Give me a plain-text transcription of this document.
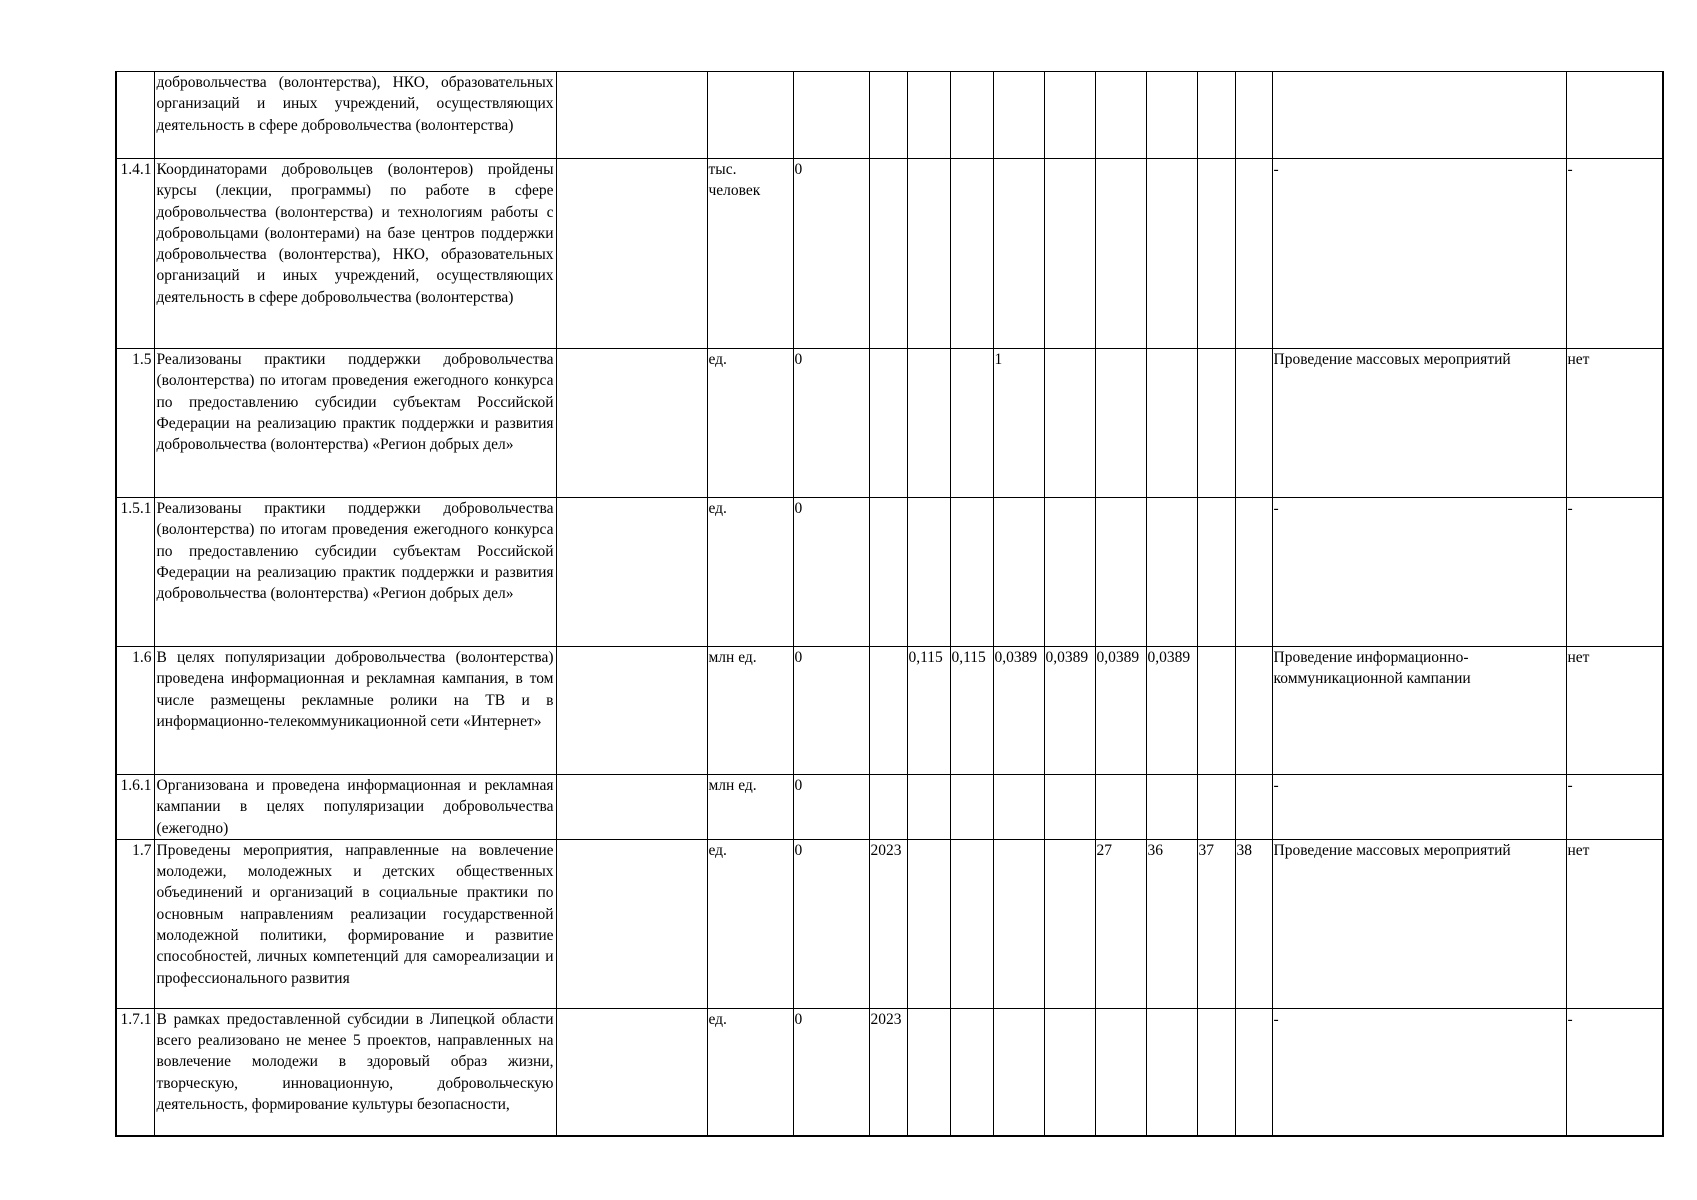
	добровольчества (волонтерства), НКО, образовательных организаций и иных учреждений, осуществляющих деятельность в сфере добровольчества (волонтерства)														
1.4.1	Координаторами добровольцев (волонтеров) пройдены курсы (лекции, программы) по работе в сфере добровольчества (волонтерства) и технологиям работы с добровольцами (волонтерами) на базе центров поддержки добровольчества (волонтерства), НКО, образовательных организаций и иных учреждений, осуществляющих деятельность в сфере добровольчества (волонтерства)		тыс. человек	0										-	-
1.5	Реализованы практики поддержки добровольчества (волонтерства) по итогам проведения ежегодного конкурса по предоставлению субсидии субъектам Российской Федерации на реализацию практик поддержки и развития добровольчества (волонтерства) «Регион добрых дел»		ед.	0				1						Проведение массовых мероприятий	нет
1.5.1	Реализованы практики поддержки добровольчества (волонтерства) по итогам проведения ежегодного конкурса по предоставлению субсидии субъектам Российской Федерации на реализацию практик поддержки и развития добровольчества (волонтерства) «Регион добрых дел»		ед.	0										-	-
1.6	В целях популяризации добровольчества (волонтерства) проведена информационная и рекламная кампания, в том числе размещены рекламные ролики на ТВ и в информационно-телекоммуникационной сети «Интернет»		млн ед.	0		0,115	0,115	0,0389	0,0389	0,0389	0,0389			Проведение информационно-коммуникационной кампании	нет
1.6.1	Организована и проведена информационная и рекламная кампании в целях популяризации добровольчества (ежегодно)		млн ед.	0										-	-
1.7	Проведены мероприятия, направленные на вовлечение молодежи, молодежных и детских общественных объединений и организаций в социальные практики по основным направлениям реализации государственной молодежной политики, формирование и развитие способностей, личных компетенций для самореализации и профессионального развития		ед.	0	2023					27	36	37	38	Проведение массовых мероприятий	нет
1.7.1	В рамках предоставленной субсидии в Липецкой области всего реализовано не менее 5 проектов, направленных на вовлечение молодежи в здоровый образ жизни, творческую, инновационную, добровольческую деятельность, формирование культуры безопасности,		ед.	0	2023									-	-
